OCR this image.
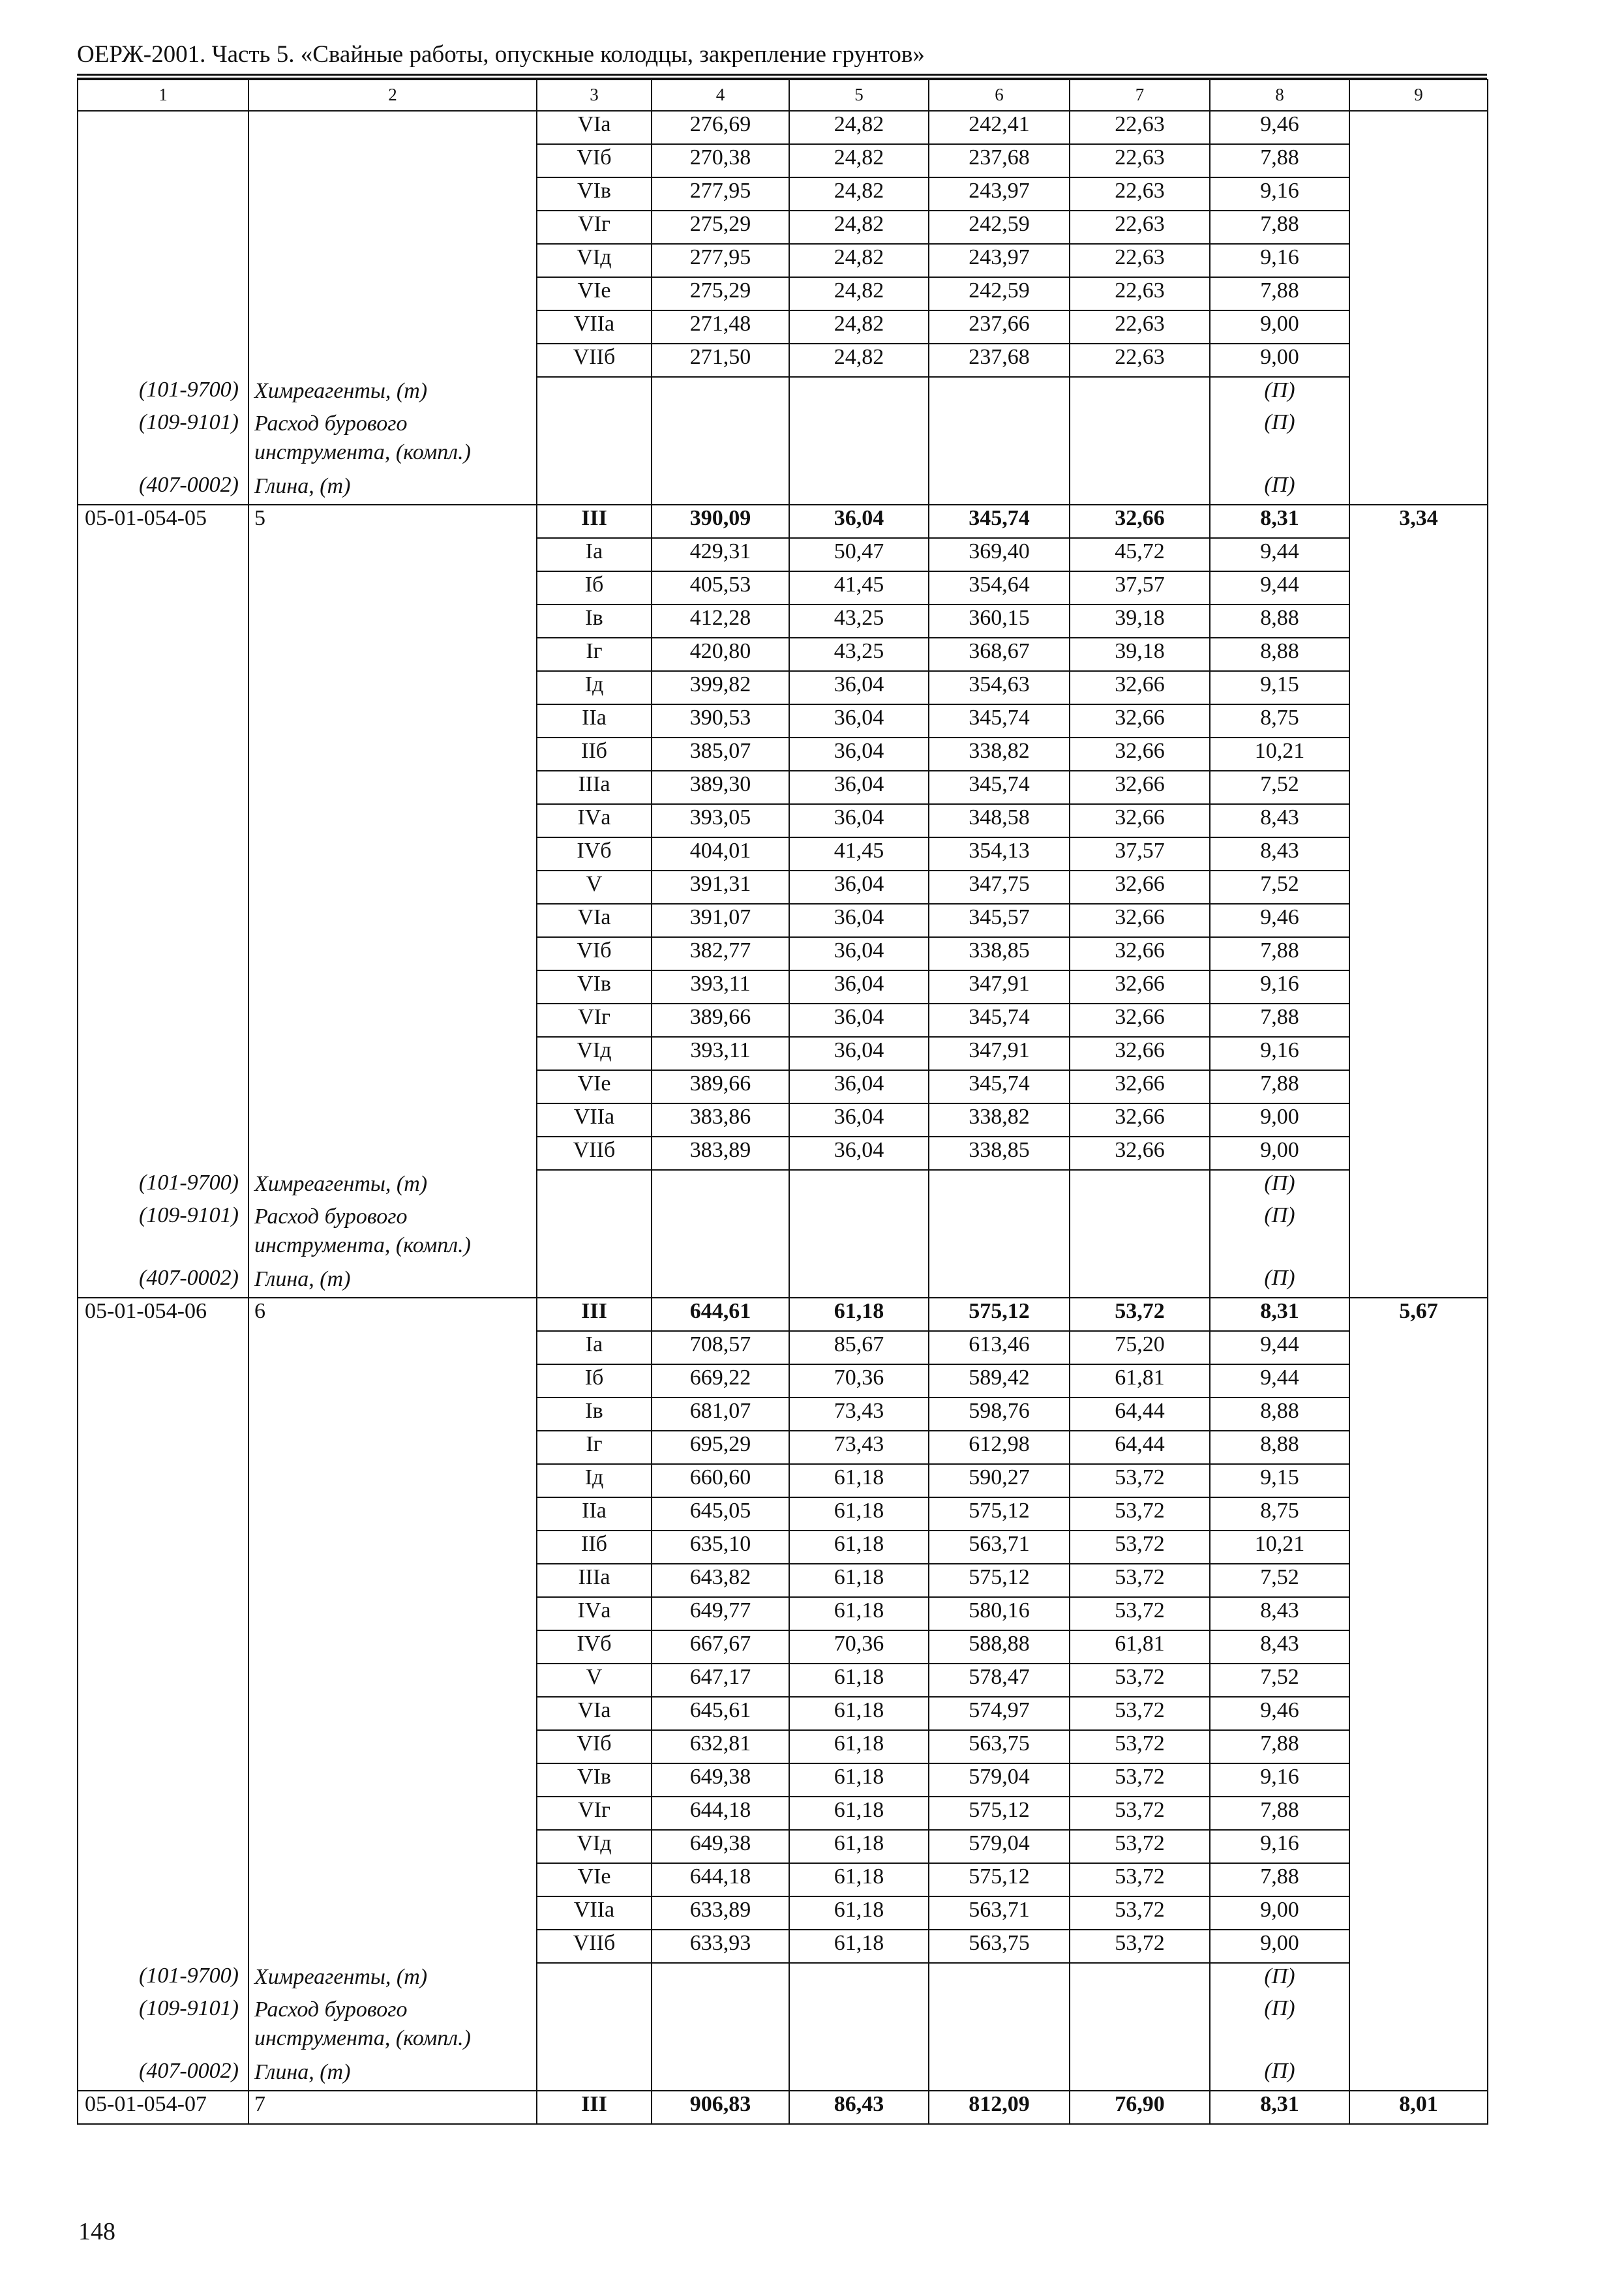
ОЕРЖ-2001. Часть 5. «Свайные работы, опускные колодцы, закрепление грунтов»
1	2	3	4	5	6	7	8	9
		VIа	276,69	24,82	242,41	22,63	9,46	
		VIб	270,38	24,82	237,68	22,63	7,88	
		VIв	277,95	24,82	243,97	22,63	9,16	
		VIг	275,29	24,82	242,59	22,63	7,88	
		VIд	277,95	24,82	243,97	22,63	9,16	
		VIе	275,29	24,82	242,59	22,63	7,88	
		VIIа	271,48	24,82	237,66	22,63	9,00	
		VIIб	271,50	24,82	237,68	22,63	9,00	
(101-9700)	Химреагенты, (т)						(П)	
(109-9101)	Расход бурового инструмента, (компл.)						(П)	
(407-0002)	Глина, (т)						(П)	
05-01-054-05	5	III	390,09	36,04	345,74	32,66	8,31	3,34
		Iа	429,31	50,47	369,40	45,72	9,44	
		Iб	405,53	41,45	354,64	37,57	9,44	
		Iв	412,28	43,25	360,15	39,18	8,88	
		Iг	420,80	43,25	368,67	39,18	8,88	
		Iд	399,82	36,04	354,63	32,66	9,15	
		IIа	390,53	36,04	345,74	32,66	8,75	
		IIб	385,07	36,04	338,82	32,66	10,21	
		IIIа	389,30	36,04	345,74	32,66	7,52	
		IVа	393,05	36,04	348,58	32,66	8,43	
		IVб	404,01	41,45	354,13	37,57	8,43	
		V	391,31	36,04	347,75	32,66	7,52	
		VIа	391,07	36,04	345,57	32,66	9,46	
		VIб	382,77	36,04	338,85	32,66	7,88	
		VIв	393,11	36,04	347,91	32,66	9,16	
		VIг	389,66	36,04	345,74	32,66	7,88	
		VIд	393,11	36,04	347,91	32,66	9,16	
		VIе	389,66	36,04	345,74	32,66	7,88	
		VIIа	383,86	36,04	338,82	32,66	9,00	
		VIIб	383,89	36,04	338,85	32,66	9,00	
(101-9700)	Химреагенты, (т)						(П)	
(109-9101)	Расход бурового инструмента, (компл.)						(П)	
(407-0002)	Глина, (т)						(П)	
05-01-054-06	6	III	644,61	61,18	575,12	53,72	8,31	5,67
		Iа	708,57	85,67	613,46	75,20	9,44	
		Iб	669,22	70,36	589,42	61,81	9,44	
		Iв	681,07	73,43	598,76	64,44	8,88	
		Iг	695,29	73,43	612,98	64,44	8,88	
		Iд	660,60	61,18	590,27	53,72	9,15	
		IIа	645,05	61,18	575,12	53,72	8,75	
		IIб	635,10	61,18	563,71	53,72	10,21	
		IIIа	643,82	61,18	575,12	53,72	7,52	
		IVа	649,77	61,18	580,16	53,72	8,43	
		IVб	667,67	70,36	588,88	61,81	8,43	
		V	647,17	61,18	578,47	53,72	7,52	
		VIа	645,61	61,18	574,97	53,72	9,46	
		VIб	632,81	61,18	563,75	53,72	7,88	
		VIв	649,38	61,18	579,04	53,72	9,16	
		VIг	644,18	61,18	575,12	53,72	7,88	
		VIд	649,38	61,18	579,04	53,72	9,16	
		VIе	644,18	61,18	575,12	53,72	7,88	
		VIIа	633,89	61,18	563,71	53,72	9,00	
		VIIб	633,93	61,18	563,75	53,72	9,00	
(101-9700)	Химреагенты, (т)						(П)	
(109-9101)	Расход бурового инструмента, (компл.)						(П)	
(407-0002)	Глина, (т)						(П)	
05-01-054-07	7	III	906,83	86,43	812,09	76,90	8,31	8,01
148
